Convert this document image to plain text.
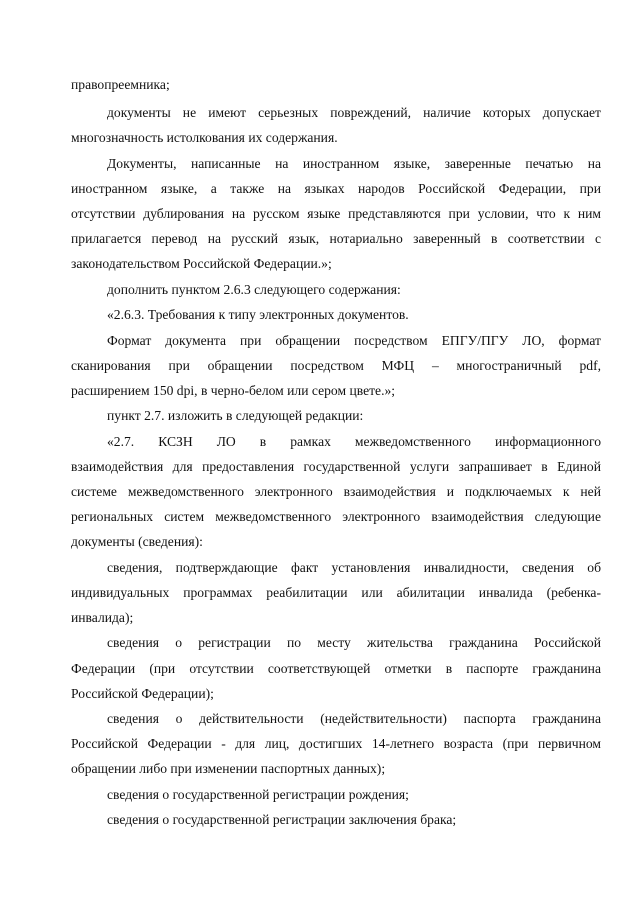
правопреемника;
документы не имеют серьезных повреждений, наличие которых допускает
многозначность истолкования их содержания.
Документы, написанные на иностранном языке, заверенные печатью на
иностранном языке, а также на языках народов Российской Федерации, при
отсутствии дублирования на русском языке представляются при условии, что к ним
прилагается перевод на русский язык, нотариально заверенный в соответствии с
законодательством Российской Федерации.»;
дополнить пунктом 2.6.3 следующего содержания:
«2.6.3. Требования к типу электронных документов.
Формат документа при обращении посредством ЕПГУ/ПГУ ЛО, формат
сканирования при обращении посредством МФЦ – многостраничный pdf,
расширением 150 dpi, в черно-белом или сером цвете.»;
пункт 2.7. изложить в следующей редакции:
«2.7. КСЗН ЛО в рамках межведомственного информационного
взаимодействия для предоставления государственной услуги запрашивает в Единой
системе межведомственного электронного взаимодействия и подключаемых к ней
региональных систем межведомственного электронного взаимодействия следующие
документы (сведения):
сведения, подтверждающие факт установления инвалидности, сведения об
индивидуальных программах реабилитации или абилитации инвалида (ребенка-
инвалида);
сведения о регистрации по месту жительства гражданина Российской
Федерации (при отсутствии соответствующей отметки в паспорте гражданина
Российской Федерации);
сведения о действительности (недействительности) паспорта гражданина
Российской Федерации - для лиц, достигших 14-летнего возраста (при первичном
обращении либо при изменении паспортных данных);
сведения о государственной регистрации рождения;
сведения о государственной регистрации заключения брака;
